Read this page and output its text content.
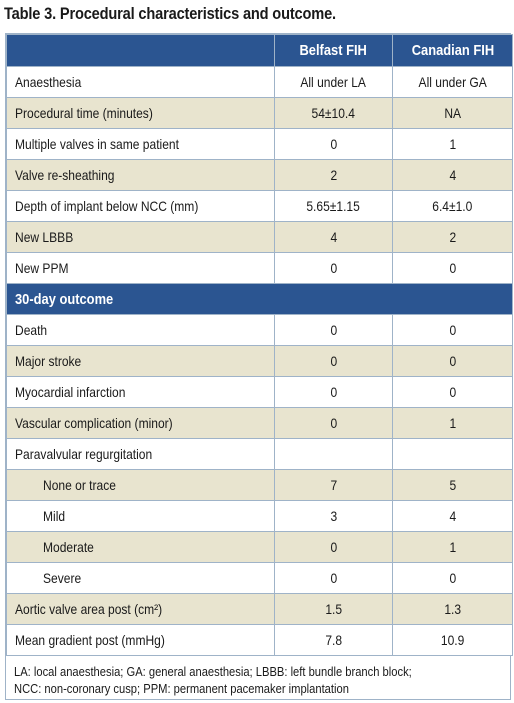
Table 3. Procedural characteristics and outcome.
	Belfast FIH	Canadian FIH
Anaesthesia	All under LA	All under GA
Procedural time (minutes)	54±10.4	NA
Multiple valves in same patient	0	1
Valve re-sheathing	2	4
Depth of implant below NCC (mm)	5.65±1.15	6.4±1.0
New LBBB	4	2
New PPM	0	0
30-day outcome		
Death	0	0
Major stroke	0	0
Myocardial infarction	0	0
Vascular complication (minor)	0	1
Paravalvular regurgitation		
None or trace	7	5
Mild	3	4
Moderate	0	1
Severe	0	0
Aortic valve area post (cm²)	1.5	1.3
Mean gradient post (mmHg)	7.8	10.9
LA: local anaesthesia; GA: general anaesthesia; LBBB: left bundle branch block;
NCC: non-coronary cusp; PPM: permanent pacemaker implantation
